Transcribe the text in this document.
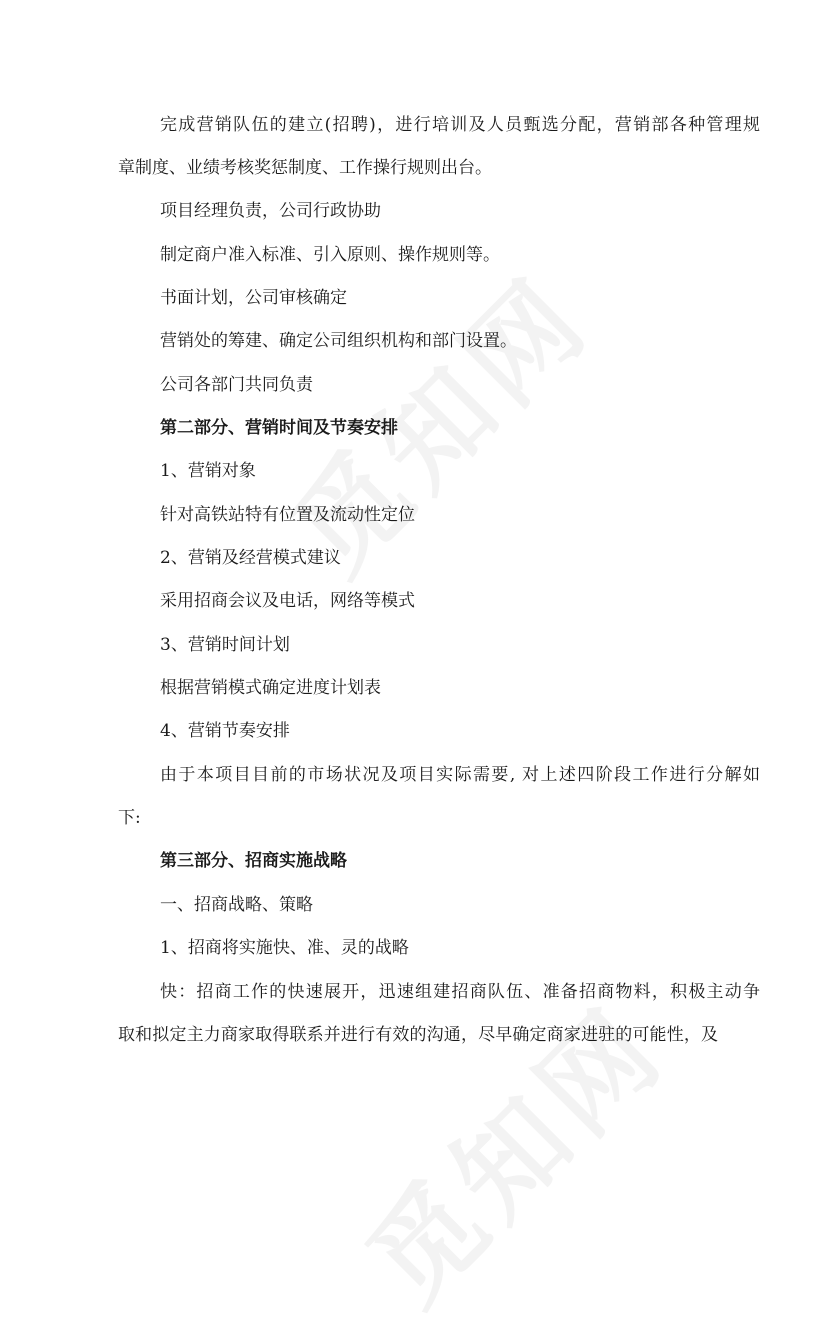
完成营销队伍的建立(招聘)，进行培训及人员甄选分配，营销部各种管理规
章制度、业绩考核奖惩制度、工作操行规则出台。
项目经理负责，公司行政协助
制定商户准入标准、引入原则、操作规则等。
书面计划，公司审核确定
营销处的筹建、确定公司组织机构和部门设置。
公司各部门共同负责
第二部分、营销时间及节奏安排
1、营销对象
针对高铁站特有位置及流动性定位
2、营销及经营模式建议
采用招商会议及电话，网络等模式
3、营销时间计划
根据营销模式确定进度计划表
4、营销节奏安排
由于本项目目前的市场状况及项目实际需要, 对上述四阶段工作进行分解如
下:
第三部分、招商实施战略
一、招商战略、策略
1、招商将实施快、准、灵的战略
快：招商工作的快速展开，迅速组建招商队伍、准备招商物料，积极主动争
取和拟定主力商家取得联系并进行有效的沟通，尽早确定商家进驻的可能性，及
